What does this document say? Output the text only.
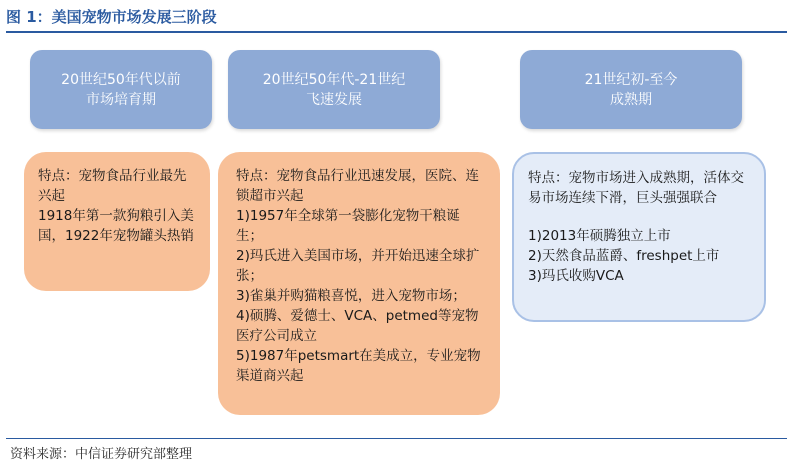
图 1：美国宠物市场发展三阶段
20世纪50年代以前
市场培育期

特点：宠物食品行业最先兴起

1918年第一款狗粮引入美国，1922年宠物罐头热销

20世纪50年代-21世纪
飞速发展

特点：宠物食品行业迅速发展，医院、连锁超市兴起

1)1957年全球第一袋膨化宠物干粮诞生；

2)玛氏进入美国市场，并开始迅速全球扩张；

3)雀巢并购猫粮喜悦，进入宠物市场；

4)硕腾、爱德士、VCA、petmed等宠物医疗公司成立

5)1987年petsmart在美成立，专业宠物渠道商兴起

21世纪初-至今
成熟期

特点：宠物市场进入成熟期，活体交易市场连续下滑，巨头强强联合

1)2013年硕腾独立上市

2)天然食品蓝爵、freshpet上市

3)玛氏收购VCA

资料来源：中信证券研究部整理
